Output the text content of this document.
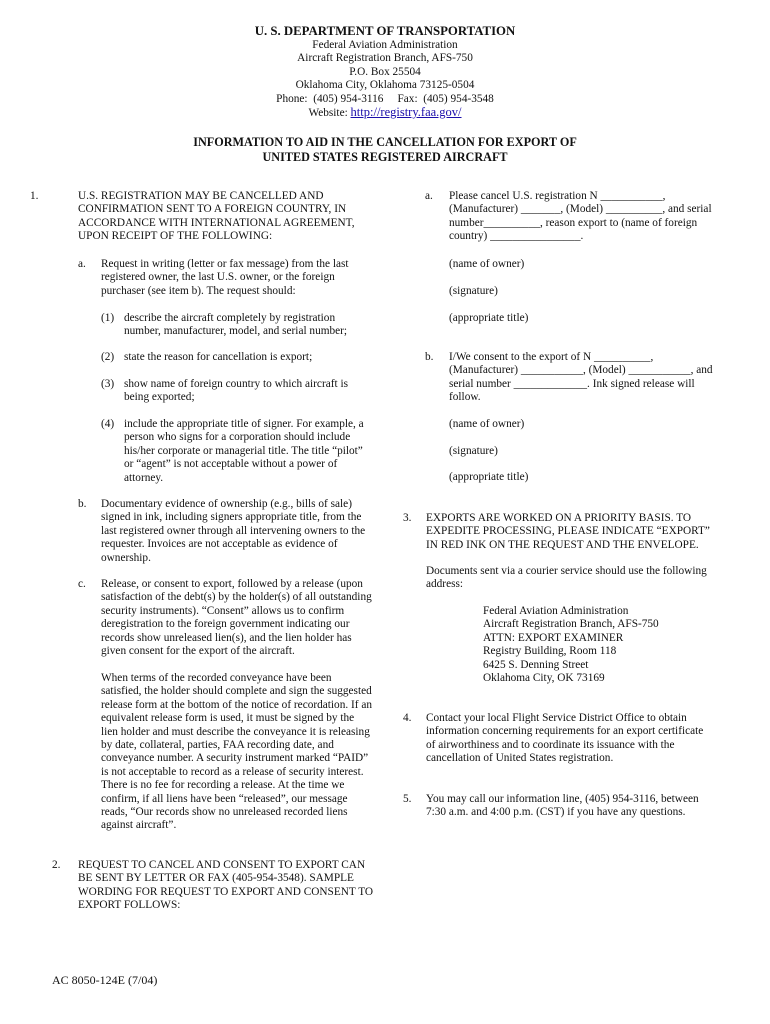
U. S. DEPARTMENT OF TRANSPORTATION
Federal Aviation Administration
Aircraft Registration Branch, AFS-750
P.O. Box 25504
Oklahoma City, Oklahoma 73125-0504
Phone:  (405) 954-3116     Fax:  (405) 954-3548
Website: http://registry.faa.gov/
INFORMATION TO AID IN THE CANCELLATION FOR EXPORT OF
UNITED STATES REGISTERED AIRCRAFT
1.	U.S. REGISTRATION MAY BE CANCELLED AND CONFIRMATION SENT TO A FOREIGN COUNTRY, IN ACCORDANCE WITH INTERNATIONAL AGREEMENT, UPON RECEIPT OF THE FOLLOWING:
a. Request in writing (letter or fax message) from the last registered owner, the last U.S. owner, or the foreign purchaser (see item b). The request should:
(1) describe the aircraft completely by registration number, manufacturer, model, and serial number;
(2) state the reason for cancellation is export;
(3) show name of foreign country to which aircraft is being exported;
(4) include the appropriate title of signer. For example, a person who signs for a corporation should include his/her corporate or managerial title. The title “pilot” or “agent” is not acceptable without a power of attorney.
b. Documentary evidence of ownership (e.g., bills of sale) signed in ink, including signers appropriate title, from the last registered owner through all intervening owners to the requester. Invoices are not acceptable as evidence of ownership.
c. Release, or consent to export, followed by a release (upon satisfaction of the debt(s) by the holder(s) of all outstanding security instruments). “Consent” allows us to confirm deregistration to the foreign government indicating our records show unreleased lien(s), and the lien holder has given consent for the export of the aircraft.
When terms of the recorded conveyance have been satisfied, the holder should complete and sign the suggested release form at the bottom of the notice of recordation. If an equivalent release form is used, it must be signed by the lien holder and must describe the conveyance it is releasing by date, collateral, parties, FAA recording date, and conveyance number. A security instrument marked “PAID” is not acceptable to record as a release of security interest. There is no fee for recording a release. At the time we confirm, if all liens have been “released”, our message reads, “Our records show no unreleased recorded liens against aircraft”.
2. REQUEST TO CANCEL AND CONSENT TO EXPORT CAN BE SENT BY LETTER OR FAX (405-954-3548). SAMPLE WORDING FOR REQUEST TO EXPORT AND CONSENT TO EXPORT FOLLOWS:
a. Please cancel U.S. registration N ___________, (Manufacturer) _______, (Model) __________, and serial number__________, reason export to (name of foreign country) ________________.
(name of owner)
(signature)
(appropriate title)
b. I/We consent to the export of N __________, (Manufacturer) ___________, (Model) ___________, and serial number _____________. Ink signed release will follow.
(name of owner)
(signature)
(appropriate title)
3. EXPORTS ARE WORKED ON A PRIORITY BASIS. TO EXPEDITE PROCESSING, PLEASE INDICATE “EXPORT” IN RED INK ON THE REQUEST AND THE ENVELOPE.
Documents sent via a courier service should use the following address:
Federal Aviation Administration
Aircraft Registration Branch, AFS-750
ATTN: EXPORT EXAMINER
Registry Building, Room 118
6425 S. Denning Street
Oklahoma City, OK 73169
4. Contact your local Flight Service District Office to obtain information concerning requirements for an export certificate of airworthiness and to coordinate its issuance with the cancellation of United States registration.
5. You may call our information line, (405) 954-3116, between 7:30 a.m. and 4:00 p.m. (CST) if you have any questions.
AC 8050-124E (7/04)
